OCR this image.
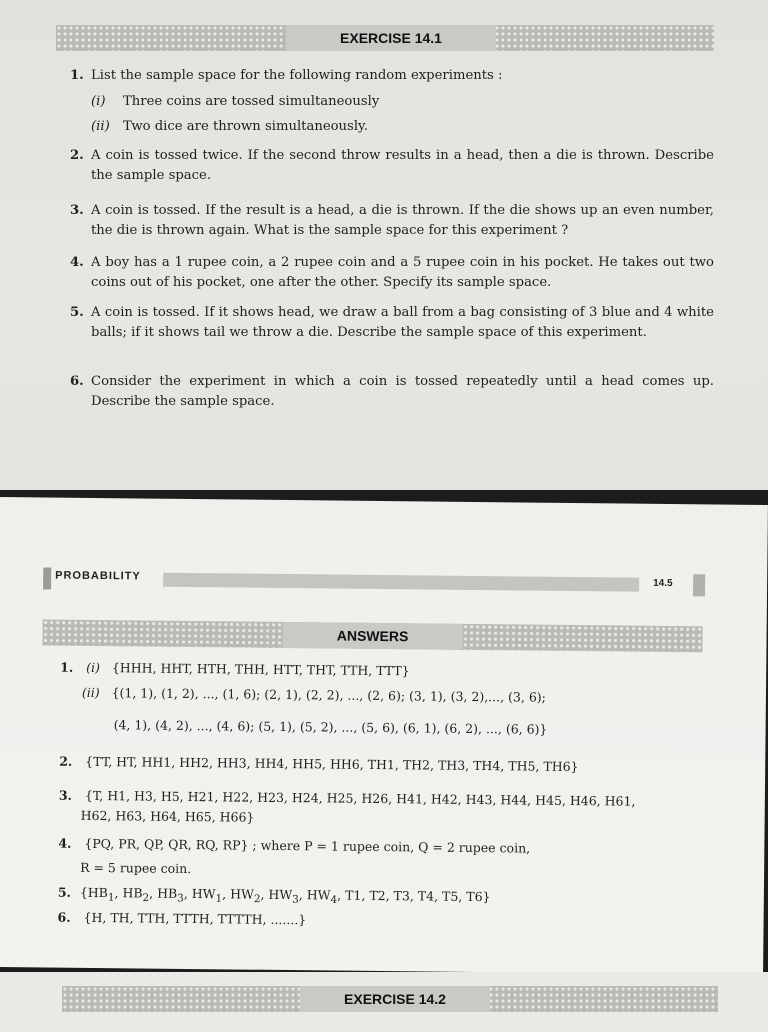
EXERCISE 14.1
1. List the sample space for the following random experiments :
(i)	Three coins are tossed simultaneously
(ii)	Two dice are thrown simultaneously.
2. A coin is tossed twice. If the second throw results in a head, then a die is thrown. Describe the sample space.
3. A coin is tossed. If the result is a head, a die is thrown. If the die shows up an even number, the die is thrown again. What is the sample space for this experiment ?
4. A boy has a 1 rupee coin, a 2 rupee coin and a 5 rupee coin in his pocket. He takes out two coins out of his pocket, one after the other. Specify its sample space.
5. A coin is tossed. If it shows head, we draw a ball from a bag consisting of 3 blue and 4 white balls; if it shows tail we throw a die. Describe the sample space of this experiment.
6. Consider the experiment in which a coin is tossed repeatedly until a head comes up. Describe the sample space.
PROBABILITY
14.5
ANSWERS
1. (i) {HHH, HHT, HTH, THH, HTT, THT, TTH, TTT}
(ii) {(1, 1), (1, 2), ..., (1, 6); (2, 1), (2, 2), ..., (2, 6); (3, 1), (3, 2),..., (3, 6);
(4, 1), (4, 2), ..., (4, 6); (5, 1), (5, 2), ..., (5, 6), (6, 1), (6, 2), ..., (6, 6)}
2. {TT, HT, HH1, HH2, HH3, HH4, HH5, HH6, TH1, TH2, TH3, TH4, TH5, TH6}
3. {T, H1, H3, H5, H21, H22, H23, H24, H25, H26, H41, H42, H43, H44, H45, H46, H61,
H62, H63, H64, H65, H66}
4. {PQ, PR, QP, QR, RQ, RP} ; where P = 1 rupee coin, Q = 2 rupee coin,
R = 5 rupee coin.
5. {$HB_1$, $HB_2$, $HB_3$, $HW_1$, $HW_2$, $HW_3$, $HW_4$, T1, T2, T3, T4, T5, T6}
6. {H, TH, TTH, TTTH, TTTTH, .......}
EXERCISE 14.2
